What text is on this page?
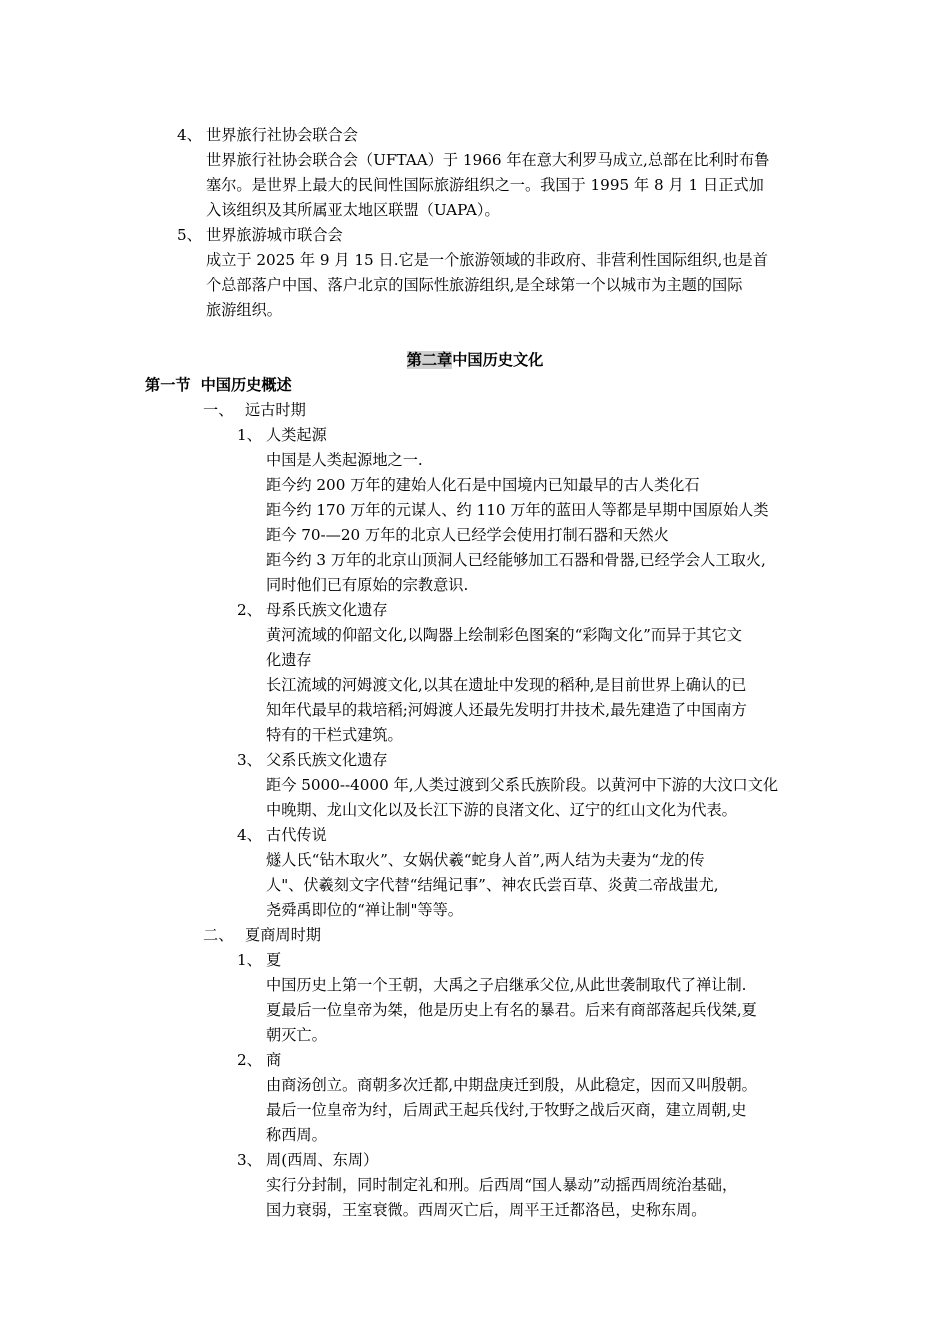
4、 世界旅行社协会联合会
世界旅行社协会联合会（UFTAA）于 1966 年在意大利罗马成立,总部在比利时布鲁
塞尔。是世界上最大的民间性国际旅游组织之一。我国于 1995 年 8 月 1 日正式加
入该组织及其所属亚太地区联盟（UAPA）。
5、 世界旅游城市联合会
成立于 2025 年 9 月 15 日.它是一个旅游领域的非政府、非营利性国际组织,也是首
个总部落户中国、落户北京的国际性旅游组织,是全球第一个以城市为主题的国际
旅游组织。
第二章中国历史文化
第一节 中国历史概述
一、 远古时期
1、 人类起源
中国是人类起源地之一.
距今约 200 万年的建始人化石是中国境内已知最早的古人类化石
距今约 170 万年的元谋人、约 110 万年的蓝田人等都是早期中国原始人类
距今 70-—20 万年的北京人已经学会使用打制石器和天然火
距今约 3 万年的北京山顶洞人已经能够加工石器和骨器,已经学会人工取火,
同时他们已有原始的宗教意识.
2、 母系氏族文化遗存
黄河流域的仰韶文化,以陶器上绘制彩色图案的“彩陶文化”而异于其它文
化遗存
长江流域的河姆渡文化,以其在遗址中发现的稻种,是目前世界上确认的已
知年代最早的栽培稻;河姆渡人还最先发明打井技术,最先建造了中国南方
特有的干栏式建筑。
3、 父系氏族文化遗存
距今 5000--4000 年,人类过渡到父系氏族阶段。以黄河中下游的大汶口文化
中晚期、龙山文化以及长江下游的良渚文化、辽宁的红山文化为代表。
4、 古代传说
燧人氏“钻木取火”、女娲伏羲“蛇身人首”,两人结为夫妻为“龙的传
人"、伏羲刻文字代替“结绳记事”、神农氏尝百草、炎黄二帝战蚩尤,
尧舜禹即位的“禅让制"等等。
二、 夏商周时期
1、 夏
中国历史上第一个王朝，大禹之子启继承父位,从此世袭制取代了禅让制.
夏最后一位皇帝为桀，他是历史上有名的暴君。后来有商部落起兵伐桀,夏
朝灭亡。
2、 商
由商汤创立。商朝多次迁都,中期盘庚迁到殷，从此稳定，因而又叫殷朝。
最后一位皇帝为纣，后周武王起兵伐纣,于牧野之战后灭商，建立周朝,史
称西周。
3、 周(西周、东周）
实行分封制，同时制定礼和刑。后西周“国人暴动”动摇西周统治基础，
国力衰弱，王室衰微。西周灭亡后，周平王迁都洛邑，史称东周。
